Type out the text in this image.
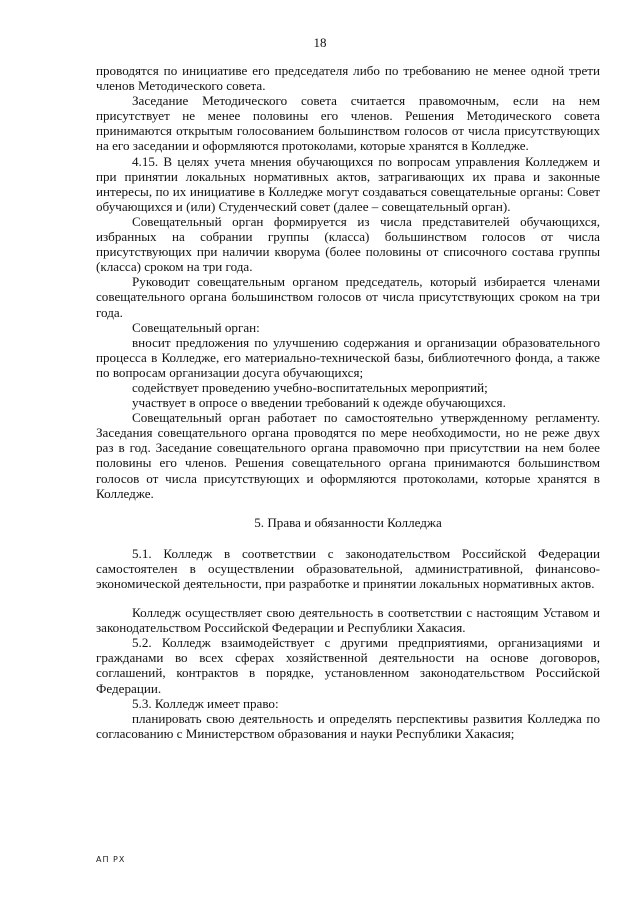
18

проводятся по инициативе его председателя либо по требованию не менее одной трети членов Методического совета.

Заседание Методического совета считается правомочным, если на нем присутствует не менее половины его членов. Решения Методического совета принимаются открытым голосованием большинством голосов от числа присутствующих на его заседании и оформляются протоколами, которые хранятся в Колледже.

4.15. В целях учета мнения обучающихся по вопросам управления Колледжем и при принятии локальных нормативных актов, затрагивающих их права и законные интересы, по их инициативе в Колледже могут создаваться совещательные органы: Совет обучающихся и (или) Студенческий совет (далее – совещательный орган).

Совещательный орган формируется из числа представителей обучающихся, избранных на собрании группы (класса) большинством голосов от числа присутствующих при наличии кворума (более половины от списочного состава группы (класса) сроком на три года.

Руководит совещательным органом председатель, который избирается членами совещательного органа большинством голосов от числа присутствующих сроком на три года.

Совещательный орган:

вносит предложения по улучшению содержания и организации образовательного процесса в Колледже, его материально-технической базы, библиотечного фонда, а также по вопросам организации досуга обучающихся;

содействует проведению учебно-воспитательных мероприятий;

участвует в опросе о введении требований к одежде обучающихся.

Совещательный орган работает по самостоятельно утвержденному регламенту. Заседания совещательного органа проводятся по мере необходимости, но не реже двух раз в год. Заседание совещательного органа правомочно при присутствии на нем более половины его членов. Решения совещательного органа принимаются большинством голосов от числа присутствующих и оформляются протоколами, которые хранятся в Колледже.

5. Права и обязанности Колледжа

5.1. Колледж в соответствии с законодательством Российской Федерации самостоятелен в осуществлении образовательной, административной, финансово-экономической деятельности, при разработке и принятии локальных нормативных актов.

Колледж осуществляет свою деятельность в соответствии с настоящим Уставом и законодательством Российской Федерации и Республики Хакасия.

5.2. Колледж взаимодействует с другими предприятиями, организациями и гражданами во всех сферах хозяйственной деятельности на основе договоров, соглашений, контрактов в порядке, установленном законодательством Российской Федерации.

5.3. Колледж имеет право:

планировать свою деятельность и определять перспективы развития Колледжа по согласованию с Министерством образования и науки Республики Хакасия;

АП РХ
